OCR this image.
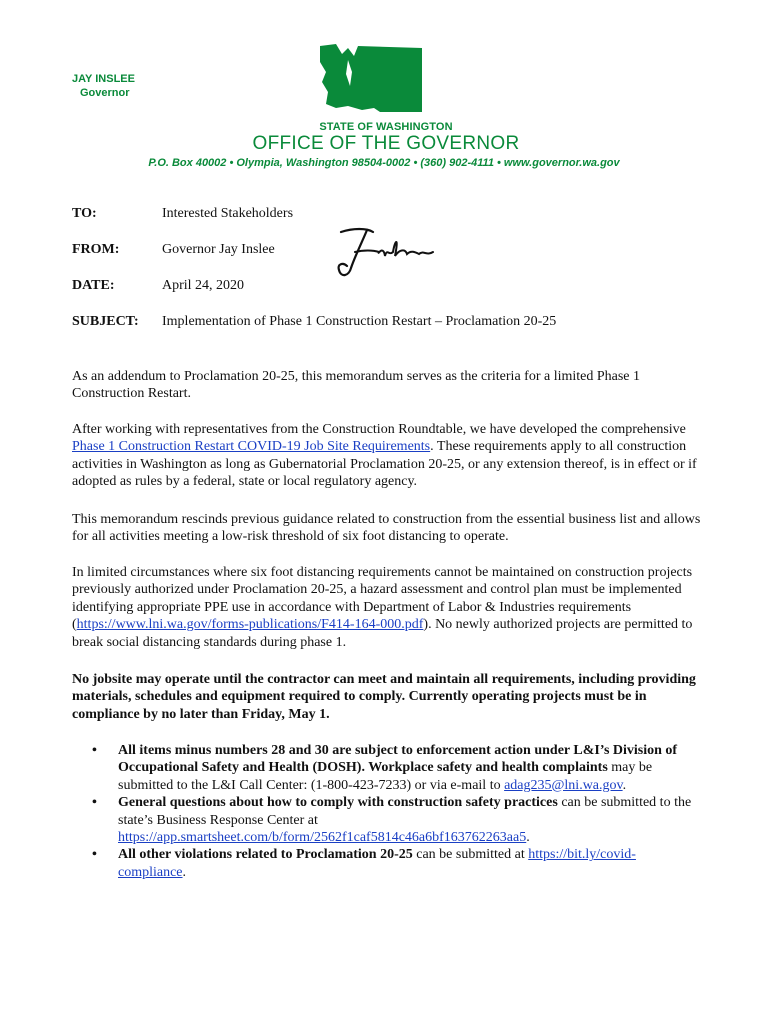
JAY INSLEE
Governor
STATE OF WASHINGTON
OFFICE OF THE GOVERNOR
P.O. Box 40002 • Olympia, Washington 98504-0002 • (360) 902-4111 • www.governor.wa.gov
TO:	Interested Stakeholders
FROM:	Governor Jay Inslee
DATE:	April 24, 2020
SUBJECT: Implementation of Phase 1 Construction Restart – Proclamation 20-25

As an addendum to Proclamation 20-25, this memorandum serves as the criteria for a limited Phase 1 Construction Restart.

After working with representatives from the Construction Roundtable, we have developed the comprehensive Phase 1 Construction Restart COVID-19 Job Site Requirements. These requirements apply to all construction activities in Washington as long as Gubernatorial Proclamation 20-25, or any extension thereof, is in effect or if adopted as rules by a federal, state or local regulatory agency.

This memorandum rescinds previous guidance related to construction from the essential business list and allows for all activities meeting a low-risk threshold of six foot distancing to operate.

In limited circumstances where six foot distancing requirements cannot be maintained on construction projects previously authorized under Proclamation 20-25, a hazard assessment and control plan must be implemented identifying appropriate PPE use in accordance with Department of Labor & Industries requirements (https://www.lni.wa.gov/forms-publications/F414-164-000.pdf). No newly authorized projects are permitted to break social distancing standards during phase 1.

No jobsite may operate until the contractor can meet and maintain all requirements, including providing materials, schedules and equipment required to comply. Currently operating projects must be in compliance by no later than Friday, May 1.

• All items minus numbers 28 and 30 are subject to enforcement action under L&I’s Division of Occupational Safety and Health (DOSH). Workplace safety and health complaints may be submitted to the L&I Call Center: (1-800-423-7233) or via e-mail to adag235@lni.wa.gov.
• General questions about how to comply with construction safety practices can be submitted to the state’s Business Response Center at https://app.smartsheet.com/b/form/2562f1caf5814c46a6bf163762263aa5.
• All other violations related to Proclamation 20-25 can be submitted at https://bit.ly/covid-compliance.
